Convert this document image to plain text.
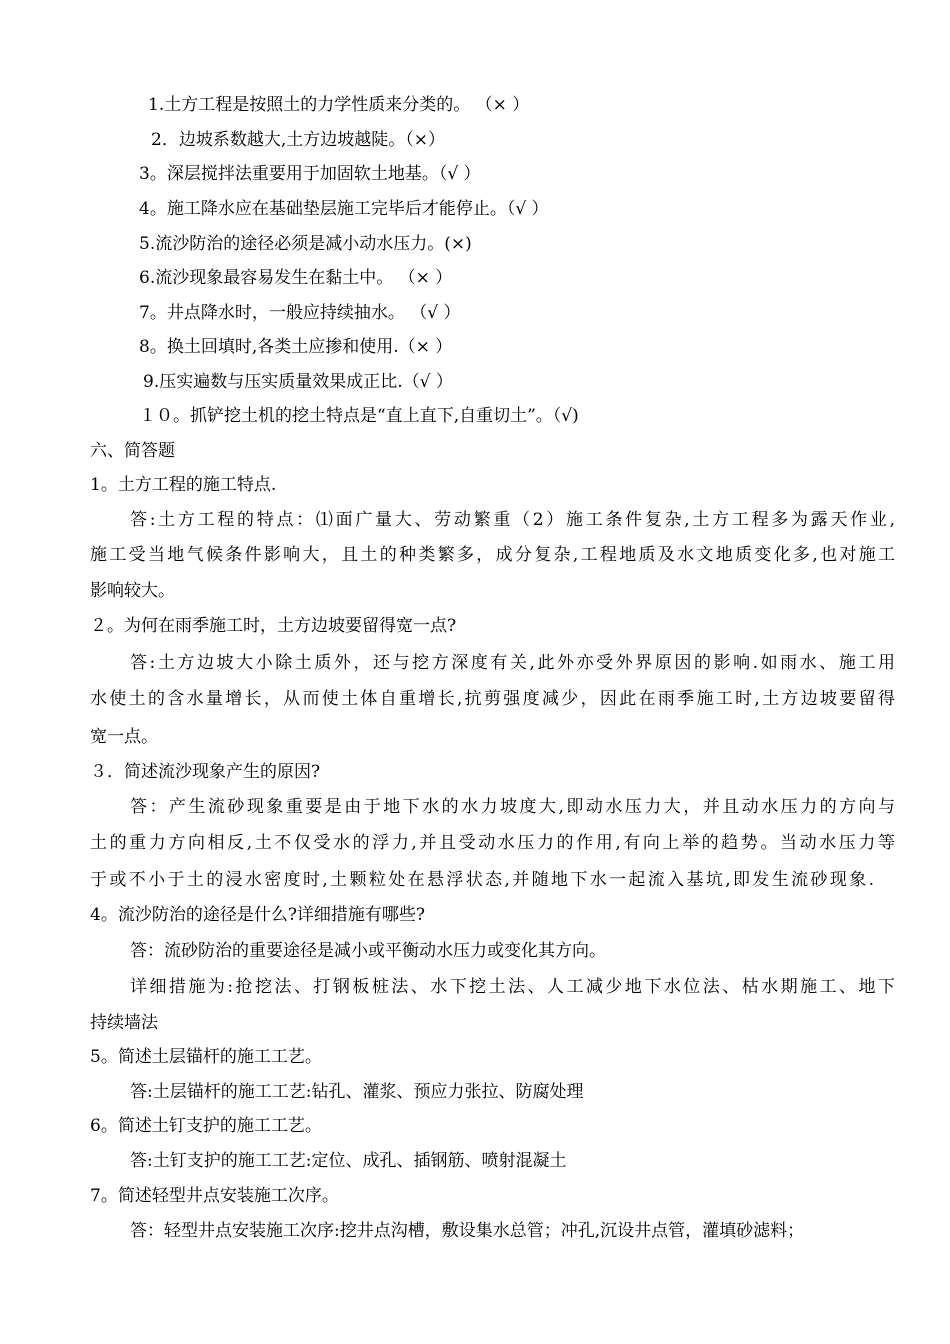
1.土方工程是按照土的力学性质来分类的。 （× ）
2．边坡系数越大,土方边坡越陡。（×）
3。深层搅拌法重要用于加固软土地基。（√ ）
4。施工降水应在基础垫层施工完毕后才能停止。（√ ）
5.流沙防治的途径必须是减小动水压力。(×)
6.流沙现象最容易发生在黏土中。 （× ）
7。井点降水时，一般应持续抽水。 （√ ）
8。换土回填时,各类土应掺和使用.（× ）
9.压实遍数与压实质量效果成正比.（√ ）
１０。抓铲挖土机的挖土特点是“直上直下,自重切土”。（√)
六、简答题
1。土方工程的施工特点.
答:土方工程的特点：⑴面广量大、劳动繁重（2）施工条件复杂,土方工程多为露天作业,
施工受当地气候条件影响大，且土的种类繁多，成分复杂,工程地质及水文地质变化多,也对施工
影响较大。
２。为何在雨季施工时，土方边坡要留得宽一点?
答:土方边坡大小除土质外，还与挖方深度有关,此外亦受外界原因的影响.如雨水、施工用
水使土的含水量增长，从而使土体自重增长,抗剪强度减少，因此在雨季施工时,土方边坡要留得
宽一点。
３．简述流沙现象产生的原因?
答：产生流砂现象重要是由于地下水的水力坡度大,即动水压力大，并且动水压力的方向与
土的重力方向相反,土不仅受水的浮力,并且受动水压力的作用,有向上举的趋势。当动水压力等
于或不小于土的浸水密度时,土颗粒处在悬浮状态,并随地下水一起流入基坑,即发生流砂现象.
4。流沙防治的途径是什么?详细措施有哪些?
答：流砂防治的重要途径是减小或平衡动水压力或变化其方向。
详细措施为:抢挖法、打钢板桩法、水下挖土法、人工减少地下水位法、枯水期施工、地下
持续墙法
5。简述土层锚杆的施工工艺。
答:土层锚杆的施工工艺:钻孔、灌浆、预应力张拉、防腐处理
6。简述土钉支护的施工工艺。
答:土钉支护的施工工艺:定位、成孔、插钢筋、喷射混凝土
7。简述轻型井点安装施工次序。
答：轻型井点安装施工次序:挖井点沟槽，敷设集水总管；冲孔,沉设井点管，灌填砂滤料；
